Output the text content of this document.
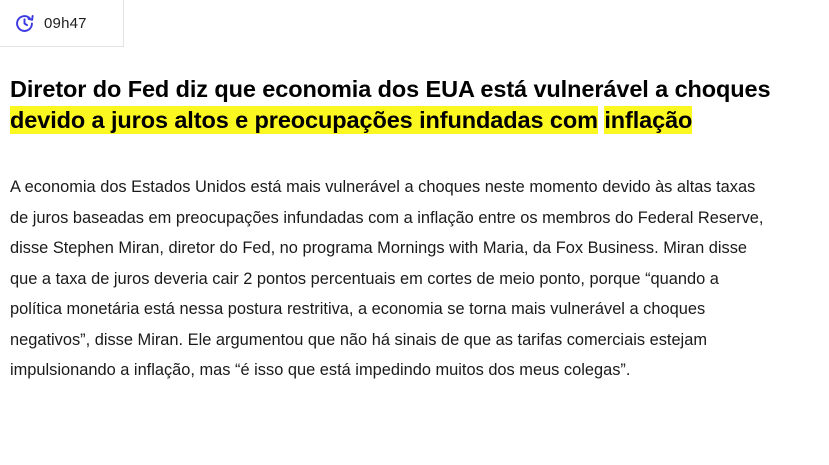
09h47
Diretor do Fed diz que economia dos EUA está vulnerável a choques devido a juros altos e preocupações infundadas com inflação

A economia dos Estados Unidos está mais vulnerável a choques neste momento devido às altas taxas de juros baseadas em preocupações infundadas com a inflação entre os membros do Federal Reserve, disse Stephen Miran, diretor do Fed, no programa Mornings with Maria, da Fox Business. Miran disse que a taxa de juros deveria cair 2 pontos percentuais em cortes de meio ponto, porque “quando a política monetária está nessa postura restritiva, a economia se torna mais vulnerável a choques negativos”, disse Miran. Ele argumentou que não há sinais de que as tarifas comerciais estejam impulsionando a inflação, mas “é isso que está impedindo muitos dos meus colegas”.
